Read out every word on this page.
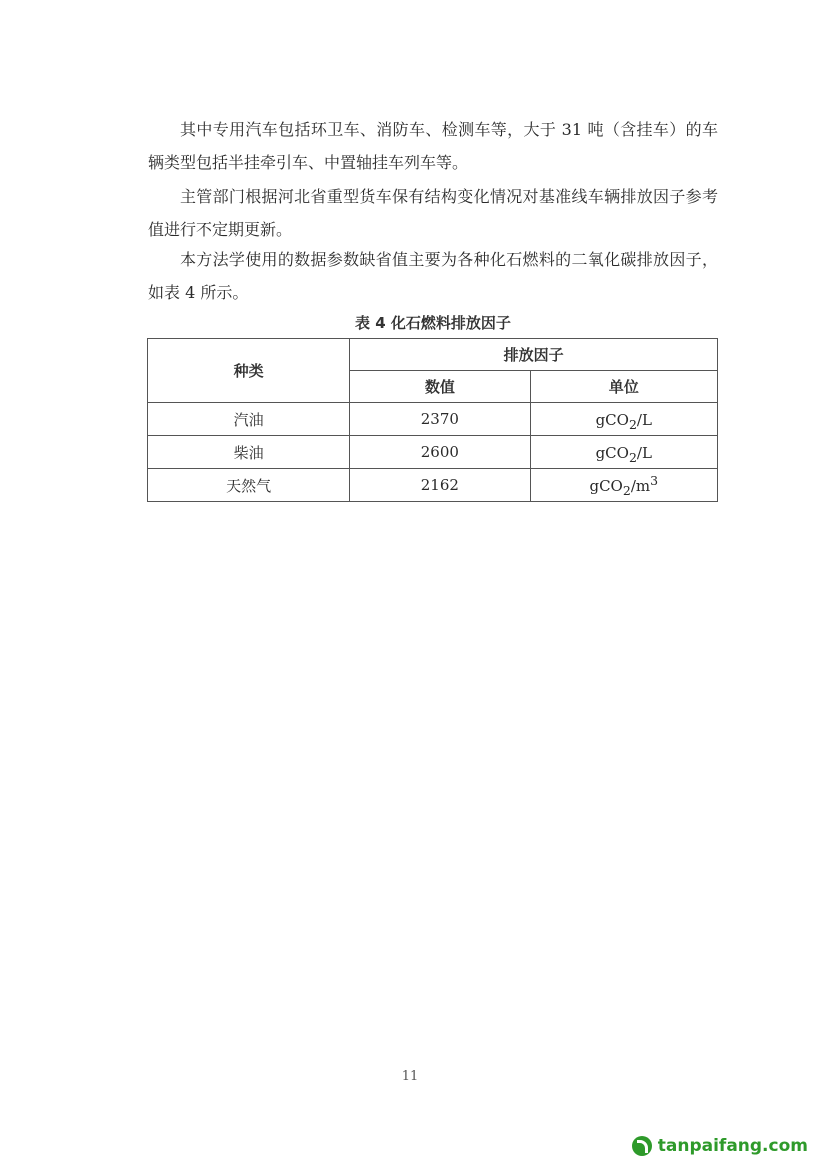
其中专用汽车包括环卫车、消防车、检测车等，大于 31 吨（含挂车）的车辆类型包括半挂牵引车、中置轴挂车列车等。

主管部门根据河北省重型货车保有结构变化情况对基准线车辆排放因子参考值进行不定期更新。

本方法学使用的数据参数缺省值主要为各种化石燃料的二氧化碳排放因子，如表 4 所示。

表 4 化石燃料排放因子
种类	排放因子	
	数值	单位
汽油	2370	gCO$_2$/L
柴油	2600	gCO$_2$/L
天然气	2162	$gCO_2/m^3$
11
tanpaifang.com
